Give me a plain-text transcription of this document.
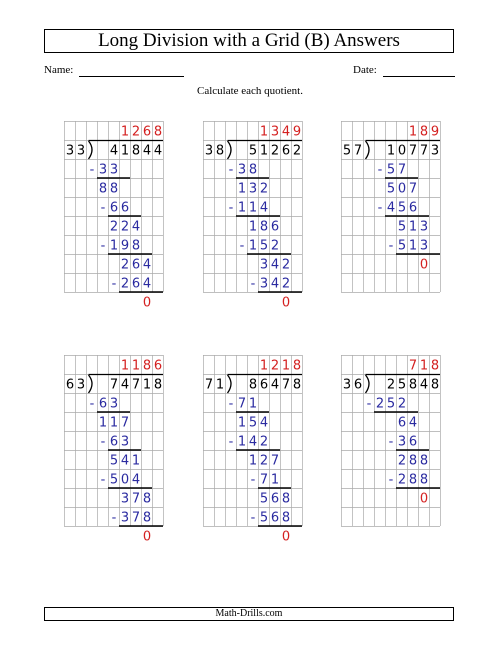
Long Division with a Grid (B) Answers
Name:	Date:
Calculate each quotient.
1 2 6 8
3 3 4 1 8 4 4
- 3 3
8 8
- 6 6
2 2 4
- 1 9 8
2 6 4
- 2 6 4
0
1 3 4 9
3 8 5 1 2 6 2
- 3 8
1 3 2
- 1 1 4
1 8 6
- 1 5 2
3 4 2
- 3 4 2
0
1 8 9
5 7 1 0 7 7 3
- 5 7
5 0 7
- 4 5 6
5 1 3
- 5 1 3
0
1 1 8 6
6 3 7 4 7 1 8
- 6 3
1 1 7
- 6 3
5 4 1
- 5 0 4
3 7 8
- 3 7 8
0
1 2 1 8
7 1 8 6 4 7 8
- 7 1
1 5 4
- 1 4 2
1 2 7
- 7 1
5 6 8
- 5 6 8
0
7 1 8
3 6 2 5 8 4 8
- 2 5 2
6 4
- 3 6
2 8 8
- 2 8 8
0
Math-Drills.com
